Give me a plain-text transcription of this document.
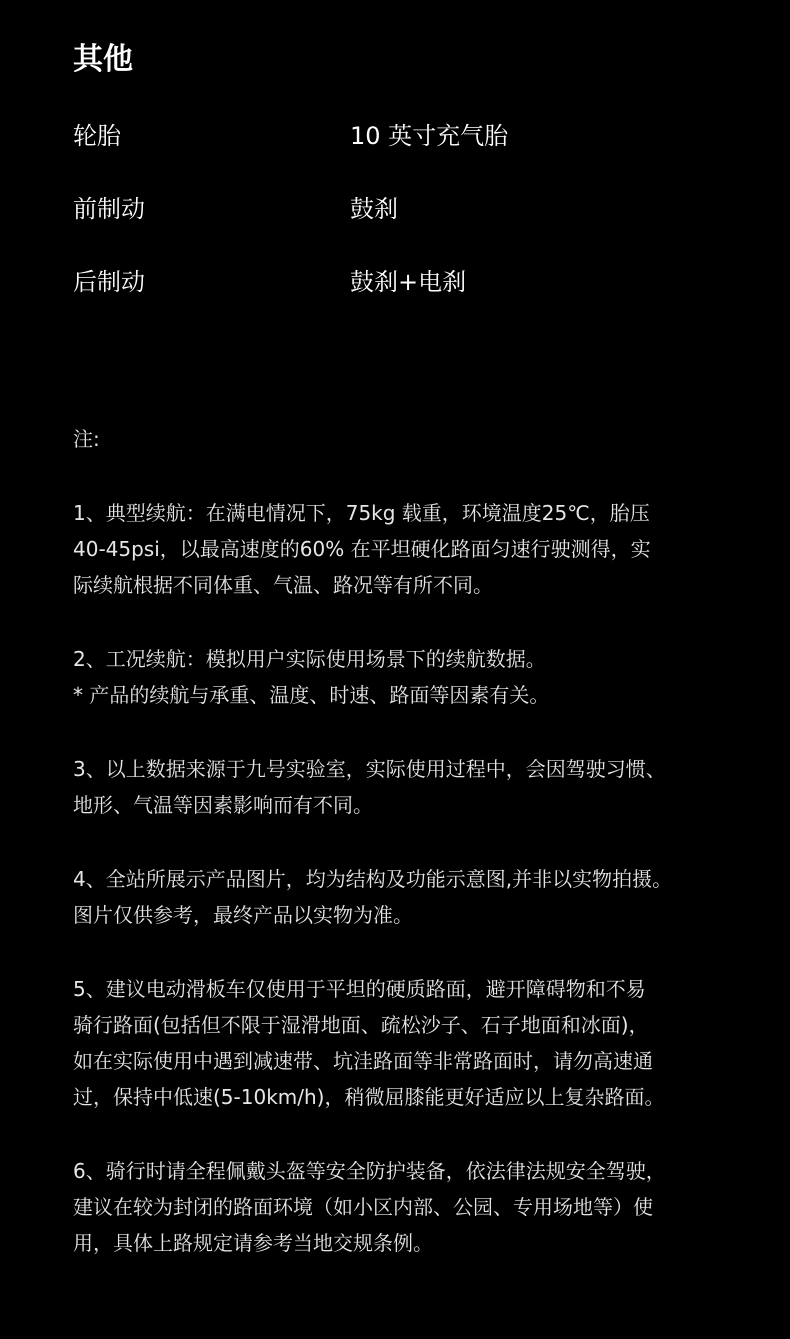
其他
轮胎	10 英寸充气胎
前制动	鼓刹
后制动	鼓刹+电刹
注:
1、典型续航：在满电情况下，75kg 载重，环境温度25℃，胎压
40-45psi，以最高速度的60% 在平坦硬化路面匀速行驶测得，实
际续航根据不同体重、气温、路况等有所不同。
2、工况续航：模拟用户实际使用场景下的续航数据。
* 产品的续航与承重、温度、时速、路面等因素有关。
3、以上数据来源于九号实验室，实际使用过程中，会因驾驶习惯、
地形、气温等因素影响而有不同。
4、全站所展示产品图片，均为结构及功能示意图,并非以实物拍摄。
图片仅供参考，最终产品以实物为准。
5、建议电动滑板车仅使用于平坦的硬质路面，避开障碍物和不易
骑行路面(包括但不限于湿滑地面、疏松沙子、石子地面和冰面)，
如在实际使用中遇到减速带、坑洼路面等非常路面时，请勿高速通
过，保持中低速(5-10km/h)，稍微屈膝能更好适应以上复杂路面。
6、骑行时请全程佩戴头盔等安全防护装备，依法律法规安全驾驶，
建议在较为封闭的路面环境（如小区内部、公园、专用场地等）使
用，具体上路规定请参考当地交规条例。
